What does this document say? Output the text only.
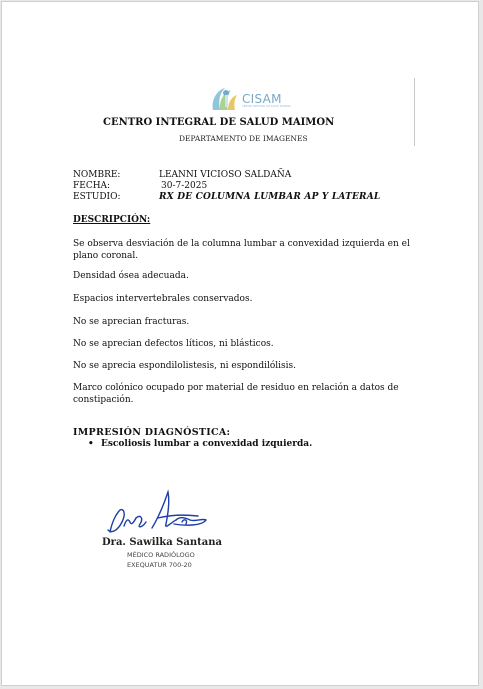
CISAM
CENTRO INTEGRAL DE SALUD MAIMON
CENTRO INTEGRAL DE SALUD MAIMON
DEPARTAMENTO DE IMAGENES
NOMBRE:	LEANNI VICIOSO SALDAÑA
FECHA:	30-7-2025
ESTUDIO:	RX DE COLUMNA LUMBAR AP Y LATERAL
DESCRIPCIÓN:
Se observa desviación de la columna lumbar a convexidad izquierda en el plano coronal.
Densidad ósea adecuada.
Espacios intervertebrales conservados.
No se aprecian fracturas.
No se aprecian defectos líticos, ni blásticos.
No se aprecia espondilolistesis, ni espondilólisis.
Marco colónico ocupado por material de residuo en relación a datos de constipación.
IMPRESIÓN DIAGNÓSTICA:
• Escoliosis lumbar a convexidad izquierda.
Dra. Sawilka Santana
MÉDICO RADIÓLOGO
EXEQUATUR 700-20
